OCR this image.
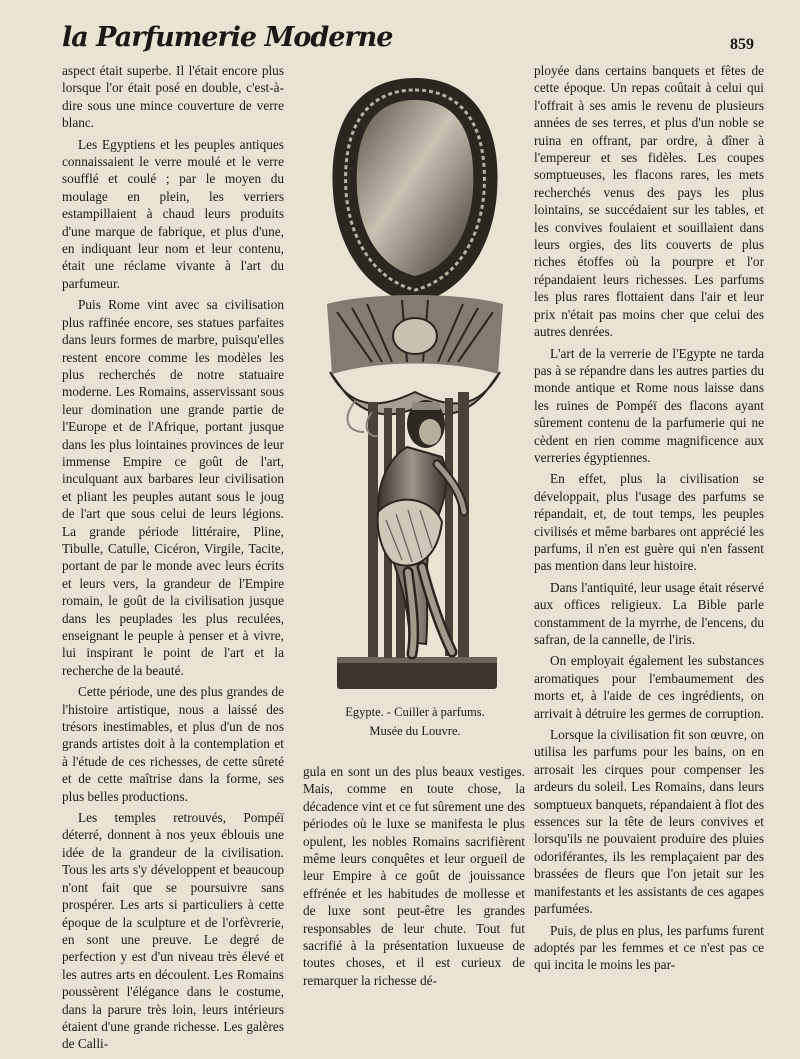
la Parfumerie Moderne	859

aspect était superbe. Il l'était encore plus lorsque l'or était posé en double, c'est-à-dire sous une mince couverture de verre blanc.

Les Egyptiens et les peuples antiques connaissaient le verre moulé et le verre soufflé et coulé ; par le moyen du moulage en plein, les verriers estampillaient à chaud leurs produits d'une marque de fabrique, et plus d'une, en indiquant leur nom et leur contenu, était une réclame vivante à l'art du parfumeur.

Puis Rome vint avec sa civilisation plus raffinée encore, ses statues parfaites dans leurs formes de marbre, puisqu'elles restent encore comme les modèles les plus recherchés de notre statuaire moderne. Les Romains, asservissant sous leur domination une grande partie de l'Europe et de l'Afrique, portant jusque dans les plus lointaines provinces de leur immense Empire ce goût de l'art, inculquant aux barbares leur civilisation et pliant les peuples autant sous le joug de l'art que sous celui de leurs légions. La grande période littéraire, Pline, Tibulle, Catulle, Cicéron, Virgile, Tacite, portant de par le monde avec leurs écrits et leurs vers, la grandeur de l'Empire romain, le goût de la civilisation jusque dans les peuplades les plus reculées, enseignant le peuple à penser et à vivre, lui inspirant le point de l'art et la recherche de la beauté.

Cette période, une des plus grandes de l'histoire artistique, nous a laissé des trésors inestimables, et plus d'un de nos grands artistes doit à la contemplation et à l'étude de ces richesses, de cette sûreté et de cette maîtrise dans la forme, ses plus belles productions.

Les temples retrouvés, Pompéï déterré, donnent à nos yeux éblouis une idée de la grandeur de la civilisation. Tous les arts s'y développent et beaucoup n'ont fait que se poursuivre sans prospérer. Les arts si particuliers à cette époque de la sculpture et de l'orfèvrerie, en sont une preuve. Le degré de perfection y est d'un niveau très élevé et les autres arts en découlent. Les Romains poussèrent l'élégance dans le costume, dans la parure très loin, leurs intérieurs étaient d'une grande richesse. Les galères de Calli-

Egypte. - Cuiller à parfums.
Musée du Louvre.

gula en sont un des plus beaux vestiges. Mais, comme en toute chose, la décadence vint et ce fut sûrement une des périodes où le luxe se manifesta le plus opulent, les nobles Romains sacrifièrent même leurs conquêtes et leur orgueil de leur Empire à ce goût de jouissance effrénée et les habitudes de mollesse et de luxe sont peut-être les grandes responsables de leur chute. Tout fut sacrifié à la présentation luxueuse de toutes choses, et il est curieux de remarquer la richesse dé-

ployée dans certains banquets et fêtes de cette époque. Un repas coûtait à celui qui l'offrait à ses amis le revenu de plusieurs années de ses terres, et plus d'un noble se ruina en offrant, par ordre, à dîner à l'empereur et ses fidèles. Les coupes somptueuses, les flacons rares, les mets recherchés venus des pays les plus lointains, se succédaient sur les tables, et les convives foulaient et souillaient dans leurs orgies, des lits couverts de plus riches étoffes où la pourpre et l'or répandaient leurs richesses. Les parfums les plus rares flottaient dans l'air et leur prix n'était pas moins cher que celui des autres denrées.

L'art de la verrerie de l'Egypte ne tarda pas à se répandre dans les autres parties du monde antique et Rome nous laisse dans les ruines de Pompéï des flacons ayant sûrement contenu de la parfumerie qui ne cèdent en rien comme magnificence aux verreries égyptiennes.

En effet, plus la civilisation se développait, plus l'usage des parfums se répandait, et, de tout temps, les peuples civilisés et même barbares ont apprécié les parfums, il n'en est guère qui n'en fassent pas mention dans leur histoire.

Dans l'antiquité, leur usage était réservé aux offices religieux. La Bible parle constamment de la myrrhe, de l'encens, du safran, de la cannelle, de l'iris.

On employait également les substances aromatiques pour l'embaumement des morts et, à l'aide de ces ingrédients, on arrivait à détruire les germes de corruption.

Lorsque la civilisation fit son œuvre, on utilisa les parfums pour les bains, on en arrosait les cirques pour compenser les ardeurs du soleil. Les Romains, dans leurs somptueux banquets, répandaient à flot des essences sur la tête de leurs convives et lorsqu'ils ne pouvaient produire des pluies odoriférantes, ils les remplaçaient par des brassées de fleurs que l'on jetait sur les manifestants et les assistants de ces agapes parfumées.

Puis, de plus en plus, les parfums furent adoptés par les femmes et ce n'est pas ce qui incita le moins les par-
